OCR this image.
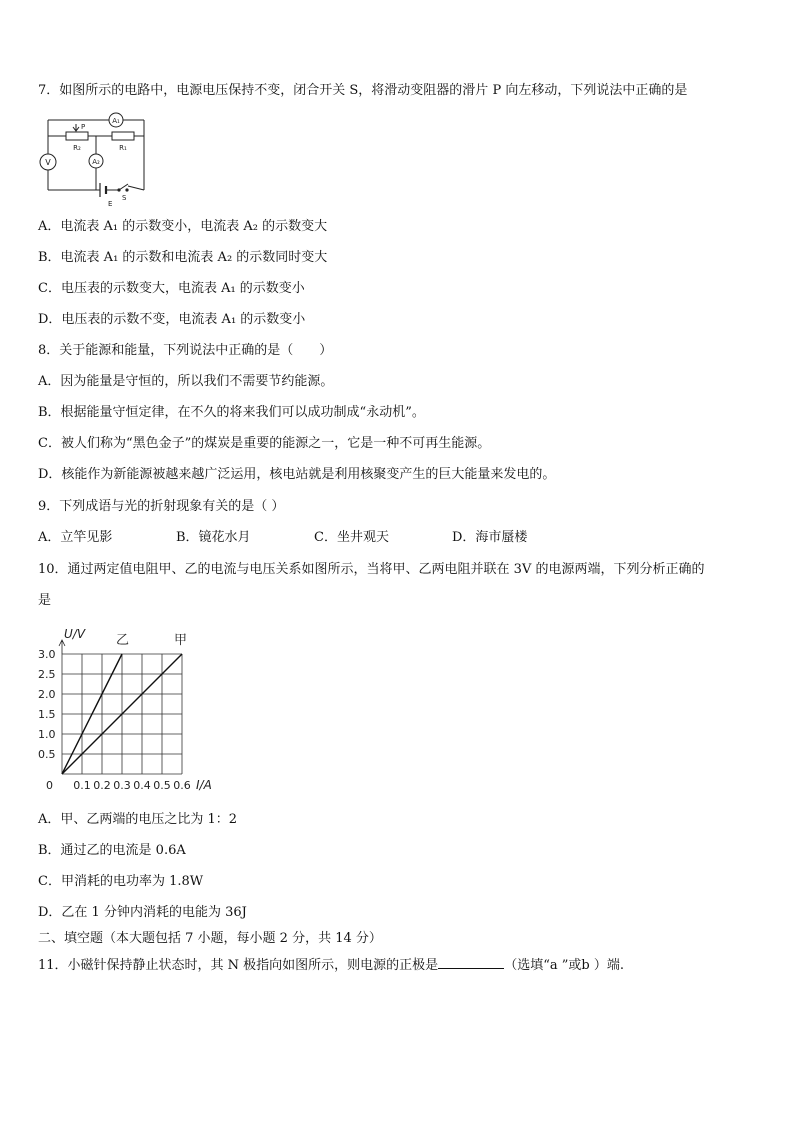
7．如图所示的电路中，电源电压保持不变，闭合开关 S，将滑动变阻器的滑片 P 向左移动，下列说法中正确的是
A₁
A₂
V
P
R₂	R₁
E
S
A．电流表 A₁ 的示数变小，电流表 A₂ 的示数变大
B．电流表 A₁ 的示数和电流表 A₂ 的示数同时变大
C．电压表的示数变大，电流表 A₁ 的示数变小
D．电压表的示数不变，电流表 A₁ 的示数变小
8．关于能源和能量，下列说法中正确的是（　　）
A．因为能量是守恒的，所以我们不需要节约能源。
B．根据能量守恒定律，在不久的将来我们可以成功制成“永动机”。
C．被人们称为“黑色金子”的煤炭是重要的能源之一，它是一种不可再生能源。
D．核能作为新能源被越来越广泛运用，核电站就是利用核聚变产生的巨大能量来发电的。
9．下列成语与光的折射现象有关的是（ ）
A．立竿见影	B．镜花水月	C．坐井观天	D．海市蜃楼
10．通过两定值电阻甲、乙的电流与电压关系如图所示，当将甲、乙两电阻并联在 3V 的电源两端，下列分析正确的
是
3.0
2.5
2.0
1.5
1.0
0.5
0.1 0.2 0.3 0.4 0.5 0.6
U/V
I/A
0
乙	甲
A．甲、乙两端的电压之比为 1：2
B．通过乙的电流是 0.6A
C．甲消耗的电功率为 1.8W
D．乙在 1 分钟内消耗的电能为 36J
二、填空题（本大题包括 7 小题，每小题 2 分，共 14 分）
11．小磁针保持静止状态时，其 N 极指向如图所示，则电源的正极是	（选填“a ”或b ）端.
